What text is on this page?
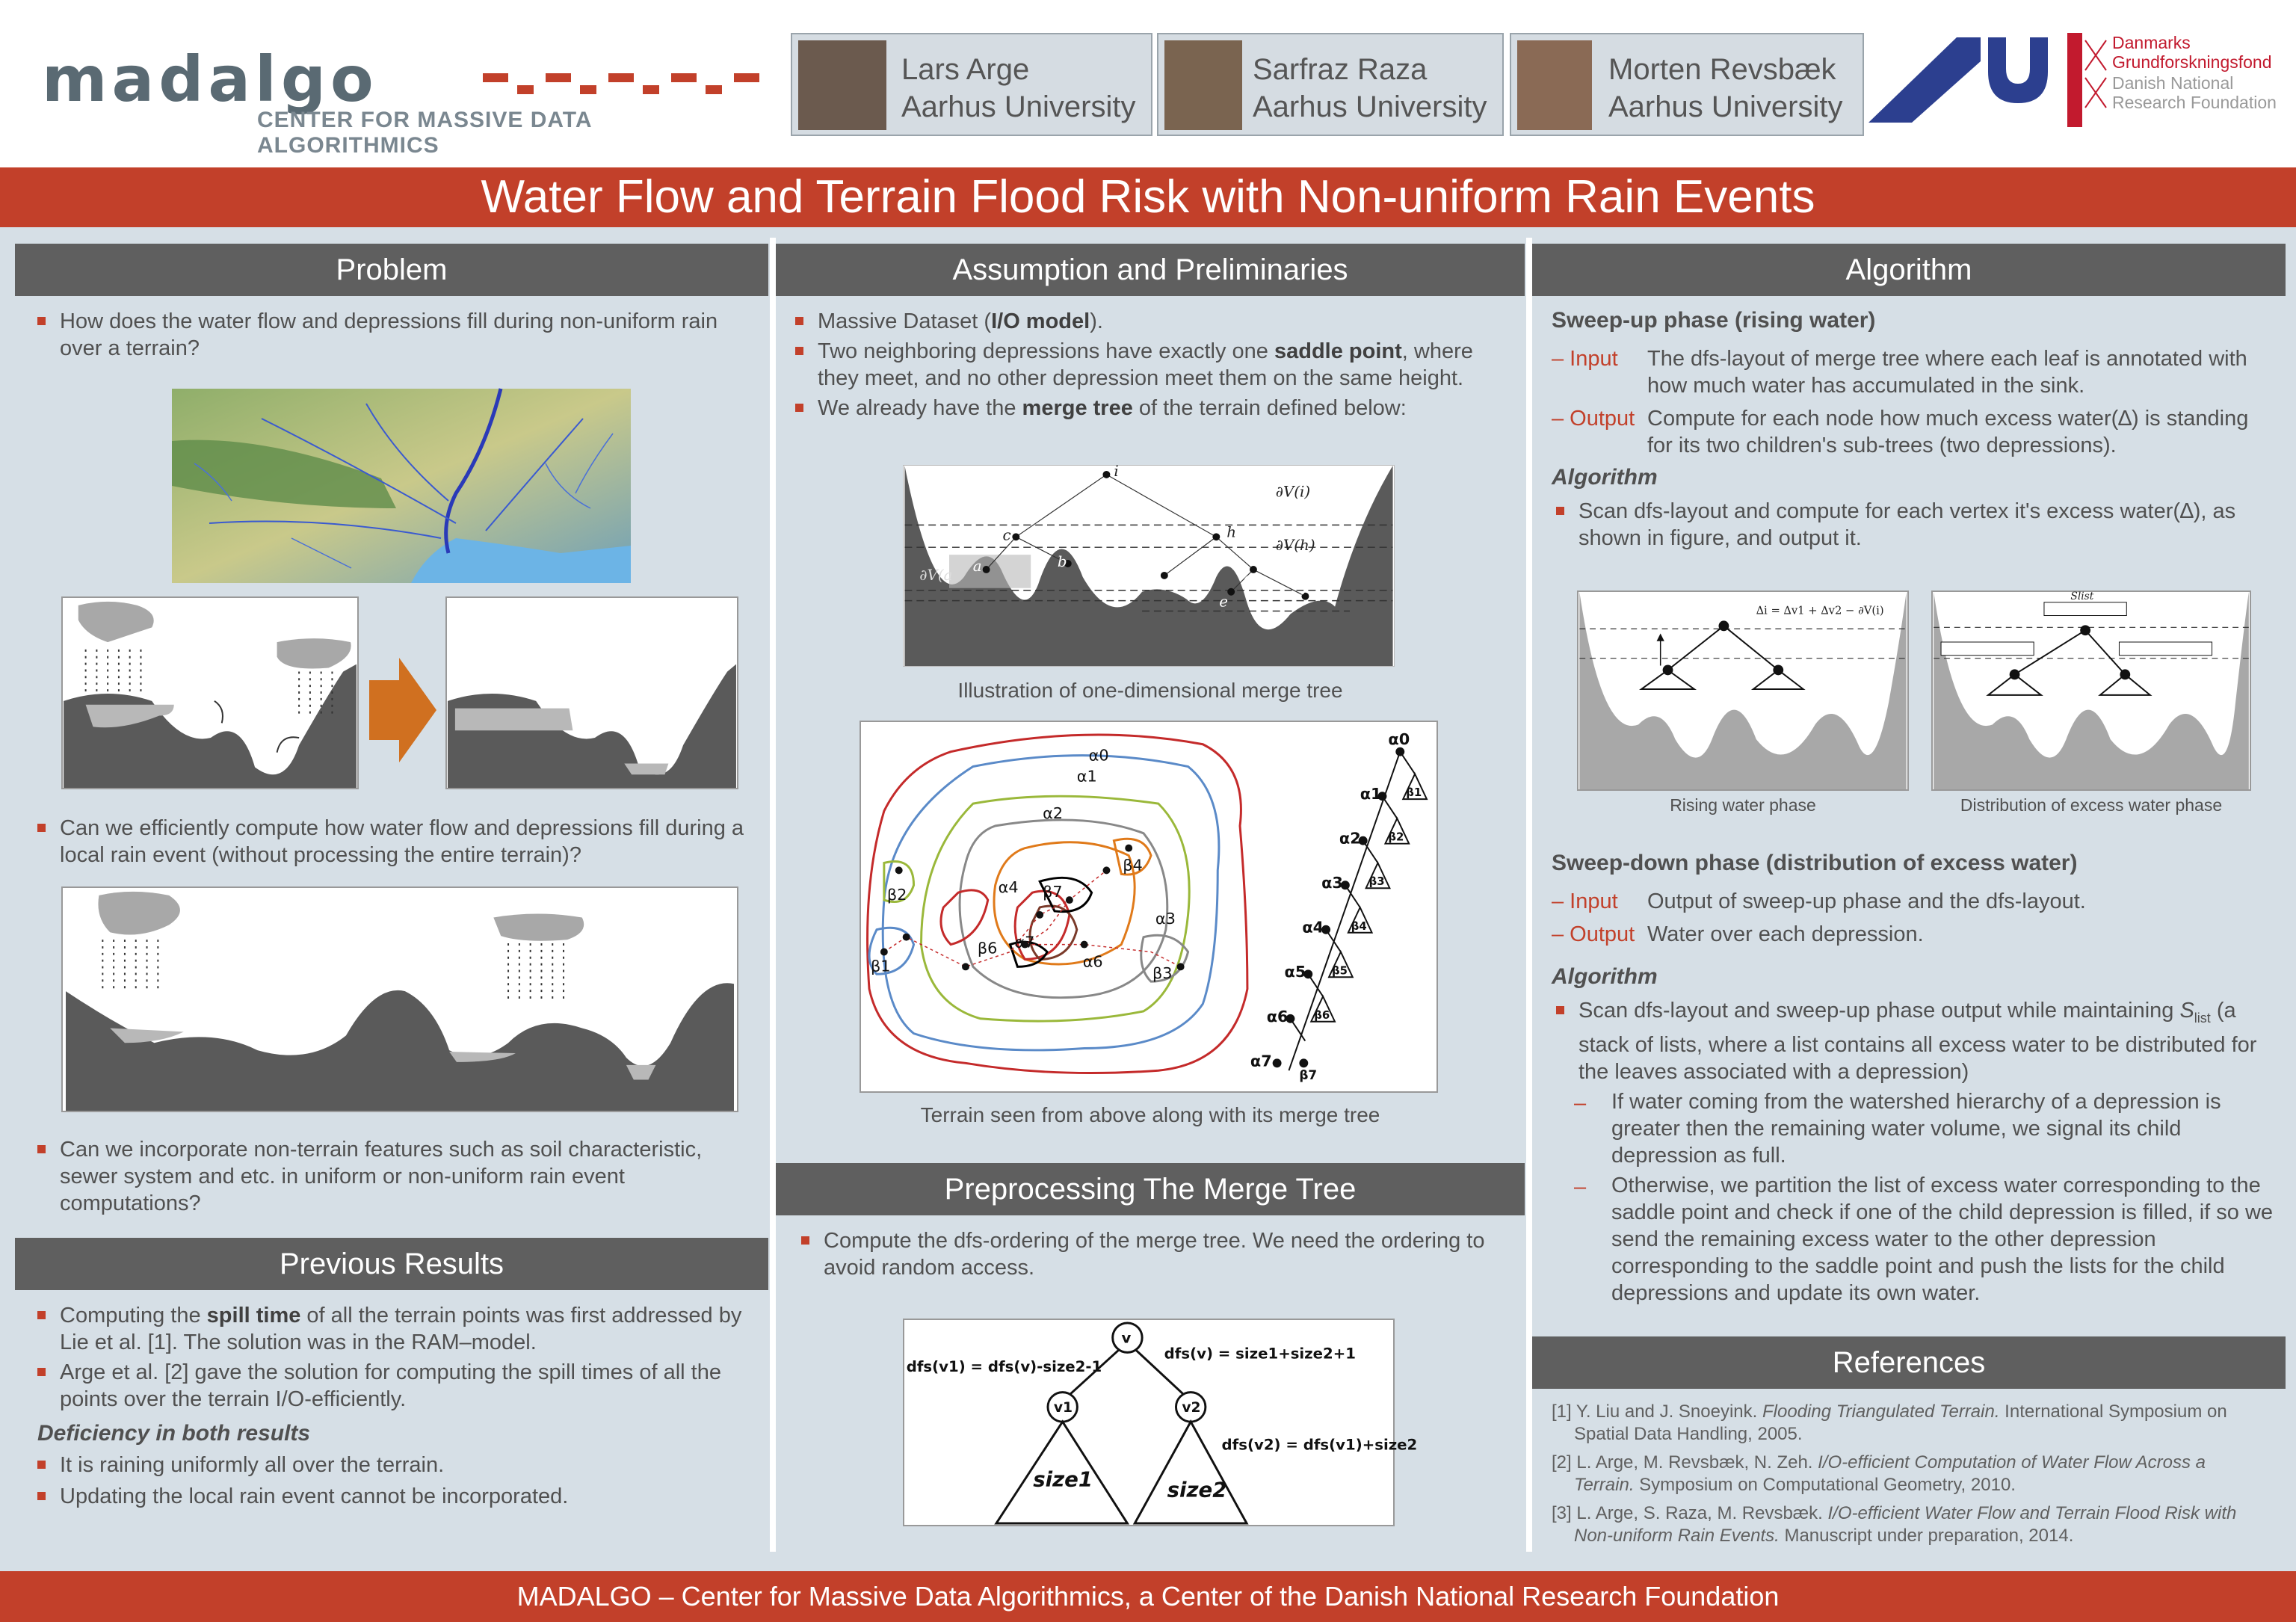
madalgo
CENTER FOR MASSIVE DATA ALGORITHMICS
Lars Arge
Aarhus University
Sarfraz Raza
Aarhus University
Morten Revsbæk
Aarhus University
Danmarks
Grundforskningsfond
Danish National
Research Foundation
Water Flow and Terrain Flood Risk with Non-uniform Rain Events
Problem
How does the water flow and depressions fill during non-uniform rain over a terrain?
Can we efficiently compute how water flow and depressions fill during a local rain event (without processing the entire terrain)?
Can we incorporate non-terrain features such as soil characteristic, sewer system and etc. in uniform or non-uniform rain event computations?
Previous Results
Computing the spill time of all the terrain points was first addressed by Lie et al. [1]. The solution was in the RAM–model.
Arge et al. [2] gave the solution for computing the spill times of all the points over the terrain I/O-efficiently.
Deficiency in both results
It is raining uniformly all over the terrain.
Updating the local rain event cannot be incorporated.
Assumption and Preliminaries
Massive Dataset (I/O model).
Two neighboring depressions have exactly one saddle point, where they meet, and no other depression meet them on the same height.
We already have the merge tree of the terrain defined below:
i
c	h
a	b	d
g
e
f
∂V(i)
∂V(h)
∂V(a
Illustration of one-dimensional merge tree
α0
α1
α2
α3
α4
α6
α7
β1
β2
β3
β4
β6
β7
α0
α1
α2
α3
α4
α5
α6
α7
β1
β2
β3
β4
β5
β6
β7
Terrain seen from above along with its merge tree
Preprocessing The Merge Tree
Compute the dfs-ordering of the merge tree. We need the ordering to avoid random access.
v
v1	v2
dfs(v1) = dfs(v)-size2-1
dfs(v) = size1+size2+1
dfs(v2) = dfs(v1)+size2
size1	size2
Algorithm
Sweep-up phase (rising water)
– Input The dfs-layout of merge tree where each leaf is annotated with how much water has accumulated in the sink.
– Output Compute for each node how much excess water(∆) is standing for its two children's sub-trees (two depressions).
Algorithm
Scan dfs-layout and compute for each vertex it's excess water(∆), as shown in figure, and output it.
∆i = ∆v1 + ∆v2 − ∂V(i)
Slist
Rising water phase	Distribution of excess water phase
Sweep-down phase (distribution of excess water)
– Input Output of sweep-up phase and the dfs-layout.
– Output Water over each depression.
Algorithm
Scan dfs-layout and sweep-up phase output while maintaining $S_{list}$ (a stack of lists, where a list contains all excess water to be distributed for the leaves associated with a depression)
– If water coming from the watershed hierarchy of a depression is greater then the remaining water volume, we signal its child depression as full.
– Otherwise, we partition the list of excess water corresponding to the saddle point and check if one of the child depression is filled, if so we send the remaining excess water to the other depression corresponding to the saddle point and push the lists for the child depressions and update its own water.
References
[1] Y. Liu and J. Snoeyink. Flooding Triangulated Terrain. International Symposium on Spatial Data Handling, 2005.
[2] L. Arge, M. Revsbæk, N. Zeh. I/O-efficient Computation of Water Flow Across a Terrain. Symposium on Computational Geometry, 2010.
[3] L. Arge, S. Raza, M. Revsbæk. I/O-efficient Water Flow and Terrain Flood Risk with Non-uniform Rain Events. Manuscript under preparation, 2014.
MADALGO – Center for Massive Data Algorithmics, a Center of the Danish National Research Foundation
